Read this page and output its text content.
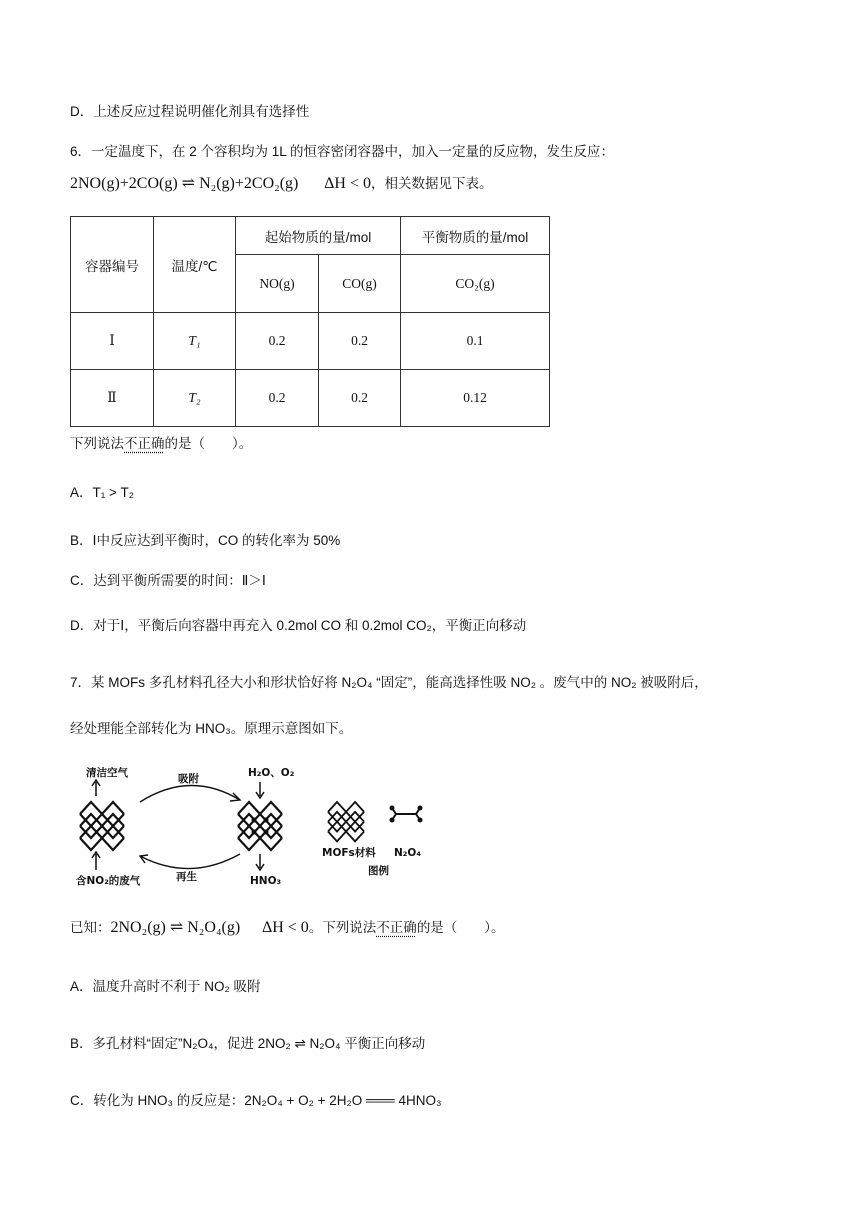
D．上述反应过程说明催化剂具有选择性
6．一定温度下，在 2 个容积均为 1L 的恒容密闭容器中，加入一定量的反应物，发生反应：
2NO(g)+2CO(g) ⇌ N₂(g)+2CO₂(g) ΔH < 0，相关数据见下表。
容器编号	温度/℃	起始物质的量/mol		平衡物质的量/mol
		NO(g)	CO(g)	CO₂(g)
Ⅰ	T₁	0.2	0.2	0.1
Ⅱ	T₂	0.2	0.2	0.12
下列说法不正确的是（　　）。
A．T₁ > T₂
B．Ⅰ中反应达到平衡时，CO 的转化率为 50%
C．达到平衡所需要的时间：Ⅱ＞Ⅰ
D．对于Ⅰ，平衡后向容器中再充入 0.2mol CO 和 0.2mol CO₂，平衡正向移动
7．某 MOFs 多孔材料孔径大小和形状恰好将 N₂O₄ “固定”，能高选择性吸 NO₂ 。废气中的 NO₂ 被吸附后，
经处理能全部转化为 HNO₃。原理示意图如下。
清洁空气
含NO₂的废气
吸附
再生
H₂O、O₂
HNO₃
MOFs材料 N₂O₄
图例
已知：2NO₂(g) ⇌ N₂O₄(g) ΔH < 0。下列说法不正确的是（　　）。
A．温度升高时不利于 NO₂ 吸附
B．多孔材料“固定”N₂O₄，促进 2NO₂ ⇌ N₂O₄ 平衡正向移动
C．转化为 HNO₃ 的反应是：2N₂O₄ + O₂ + 2H₂O ═══ 4HNO₃
